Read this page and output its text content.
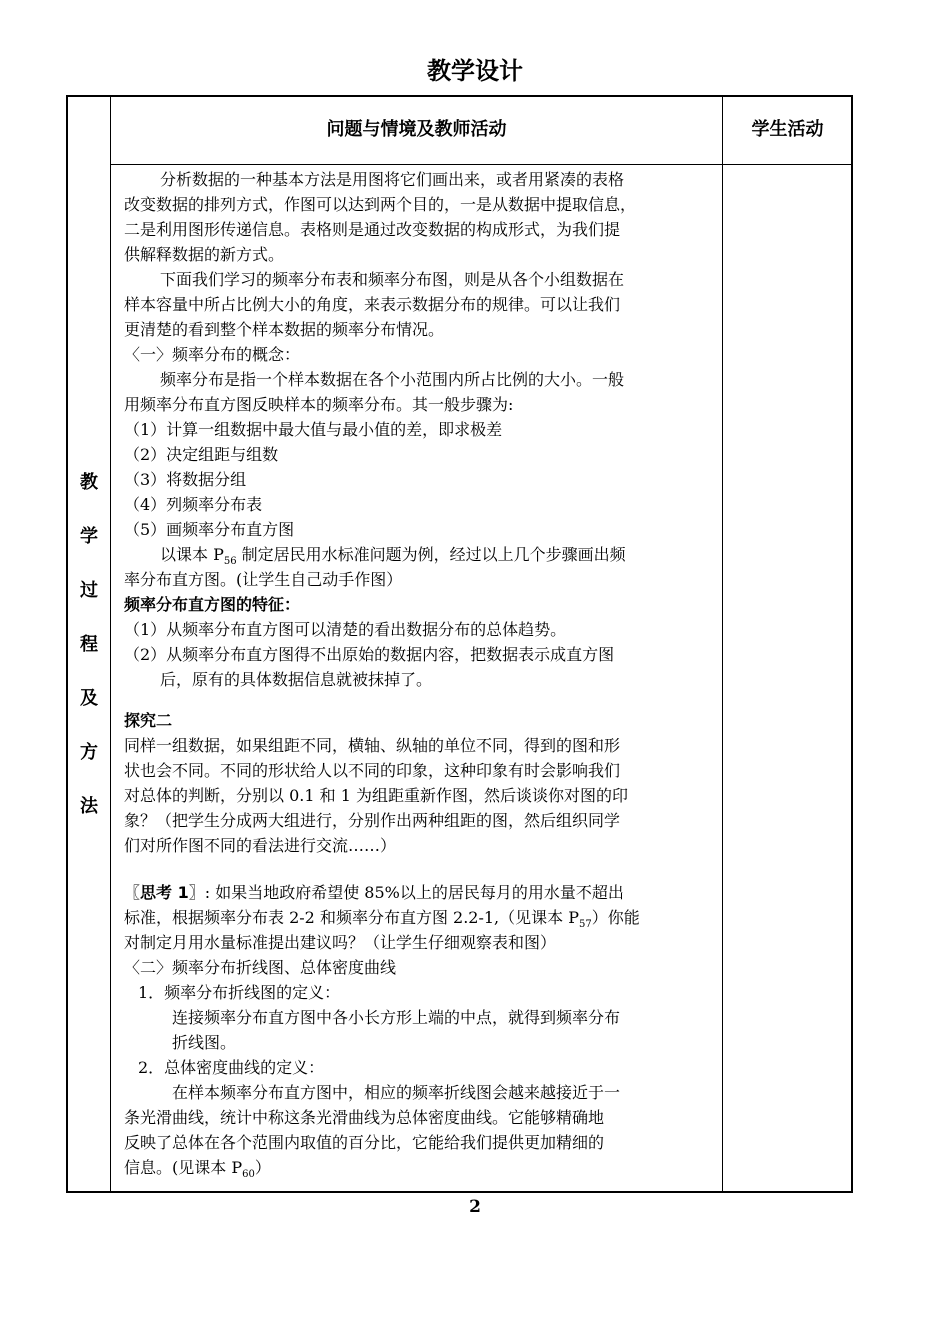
教学设计
问题与情境及教师活动	学生活动
教
学
过
程
及
方
法

分析数据的一种基本方法是用图将它们画出来，或者用紧凑的表格

改变数据的排列方式，作图可以达到两个目的，一是从数据中提取信息，

二是利用图形传递信息。表格则是通过改变数据的构成形式，为我们提

供解释数据的新方式。

下面我们学习的频率分布表和频率分布图，则是从各个小组数据在

样本容量中所占比例大小的角度，来表示数据分布的规律。可以让我们

更清楚的看到整个样本数据的频率分布情况。

〈一〉频率分布的概念：

频率分布是指一个样本数据在各个小范围内所占比例的大小。一般

用频率分布直方图反映样本的频率分布。其一般步骤为:

（1）计算一组数据中最大值与最小值的差，即求极差

（2）决定组距与组数

（3）将数据分组

（4）列频率分布表

（5）画频率分布直方图

以课本 $P_{56}$ 制定居民用水标准问题为例，经过以上几个步骤画出频

率分布直方图。(让学生自己动手作图）

频率分布直方图的特征：

（1）从频率分布直方图可以清楚的看出数据分布的总体趋势。

（2）从频率分布直方图得不出原始的数据内容，把数据表示成直方图

后，原有的具体数据信息就被抹掉了。

探究二

同样一组数据，如果组距不同，横轴、纵轴的单位不同，得到的图和形

状也会不同。不同的形状给人以不同的印象，这种印象有时会影响我们

对总体的判断，分别以 0.1 和 1 为组距重新作图，然后谈谈你对图的印

象？（把学生分成两大组进行，分别作出两种组距的图，然后组织同学

们对所作图不同的看法进行交流……）

〖思考 1〗: 如果当地政府希望使 85%以上的居民每月的用水量不超出

标准，根据频率分布表 2-2 和频率分布直方图 2.2-1,（见课本 $P_{57}$）你能

对制定月用水量标准提出建议吗？（让学生仔细观察表和图）

〈二〉频率分布折线图、总体密度曲线

1．频率分布折线图的定义：

连接频率分布直方图中各小长方形上端的中点，就得到频率分布

折线图。

2．总体密度曲线的定义：

在样本频率分布直方图中，相应的频率折线图会越来越接近于一

条光滑曲线，统计中称这条光滑曲线为总体密度曲线。它能够精确地

反映了总体在各个范围内取值的百分比，它能给我们提供更加精细的

信息。(见课本 $P_{60}$）

2
